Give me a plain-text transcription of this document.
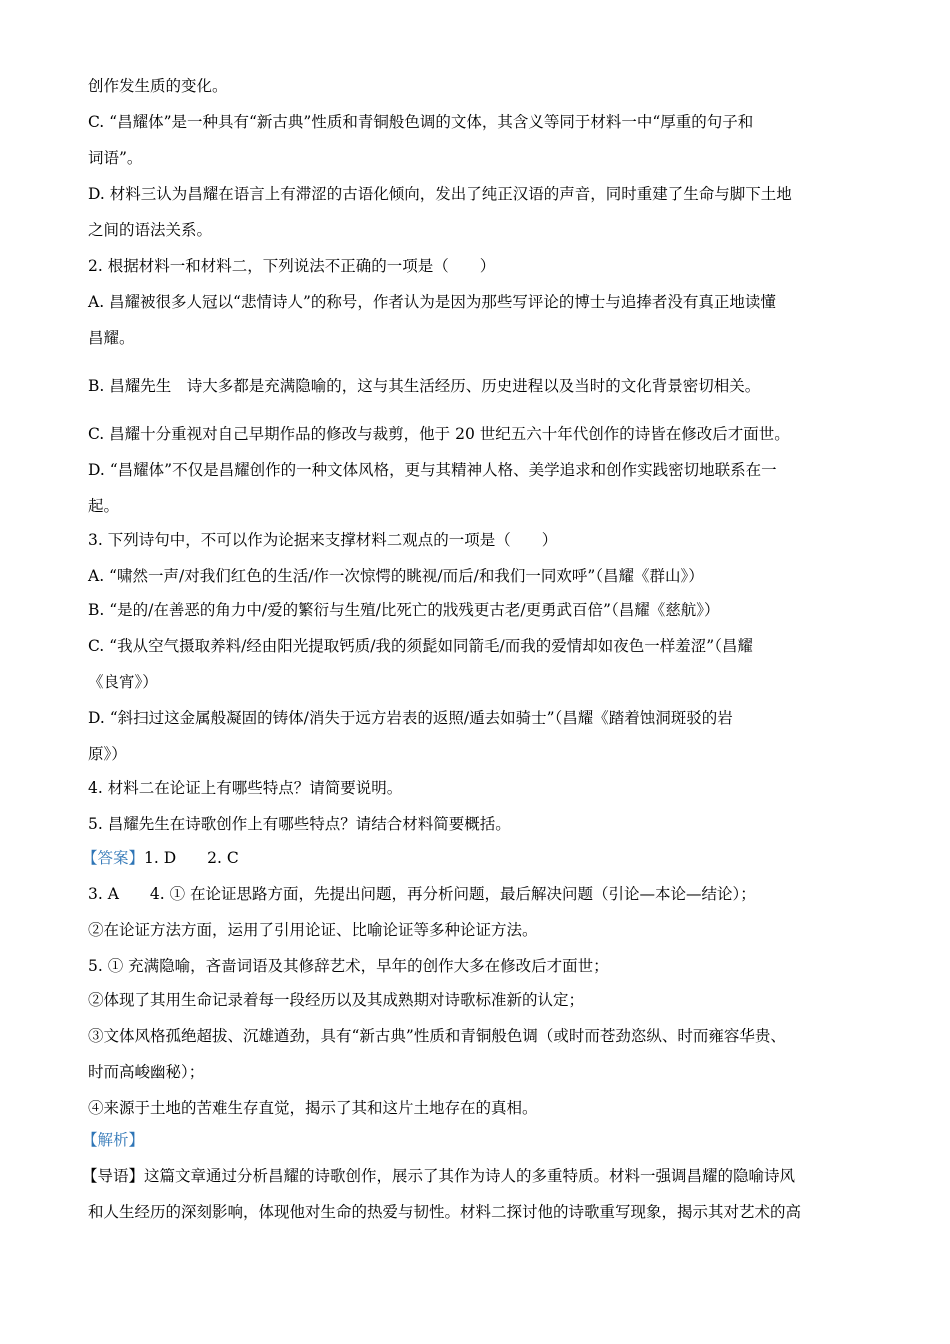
创作发生质的变化。
C. “昌耀体”是一种具有“新古典”性质和青铜般色调的文体，其含义等同于材料一中“厚重的句子和
词语”。
D. 材料三认为昌耀在语言上有滞涩的古语化倾向，发出了纯正汉语的声音，同时重建了生命与脚下土地
之间的语法关系。
2. 根据材料一和材料二，下列说法不正确的一项是（　　）
A. 昌耀被很多人冠以“悲情诗人”的称号，作者认为是因为那些写评论的博士与追捧者没有真正地读懂
昌耀。
B. 昌耀先生　诗大多都是充满隐喻的，这与其生活经历、历史进程以及当时的文化背景密切相关。
C. 昌耀十分重视对自己早期作品的修改与裁剪，他于 20 世纪五六十年代创作的诗皆在修改后才面世。
D. “昌耀体”不仅是昌耀创作的一种文体风格，更与其精神人格、美学追求和创作实践密切地联系在一
起。
3. 下列诗句中，不可以作为论据来支撑材料二观点的一项是（　　）
A. “啸然一声/对我们红色的生活/作一次惊愕的眺视/而后/和我们一同欢呼”（昌耀《群山》）
B. “是的/在善恶的角力中/爱的繁衍与生殖/比死亡的戕残更古老/更勇武百倍”（昌耀《慈航》）
C. “我从空气摄取养料/经由阳光提取钙质/我的须髭如同箭毛/而我的爱情却如夜色一样羞涩”（昌耀
《良宵》）
D. “斜扫过这金属般凝固的铸体/消失于远方岩表的返照/遁去如骑士”（昌耀《踏着蚀洞斑驳的岩
原》）
4. 材料二在论证上有哪些特点？请简要说明。
5. 昌耀先生在诗歌创作上有哪些特点？请结合材料简要概括。
【答案】1. D　　2. C
3. A　　4. ① 在论证思路方面，先提出问题，再分析问题，最后解决问题（引论—本论—结论）；
②在论证方法方面，运用了引用论证、比喻论证等多种论证方法。
5. ① 充满隐喻，吝啬词语及其修辞艺术，早年的创作大多在修改后才面世；
②体现了其用生命记录着每一段经历以及其成熟期对诗歌标准新的认定；
③文体风格孤绝超拔、沉雄遒劲，具有“新古典”性质和青铜般色调（或时而苍劲恣纵、时而雍容华贵、
时而高峻幽秘）；
④来源于土地的苦难生存直觉，揭示了其和这片土地存在的真相。
【解析】
【导语】这篇文章通过分析昌耀的诗歌创作，展示了其作为诗人的多重特质。材料一强调昌耀的隐喻诗风
和人生经历的深刻影响，体现他对生命的热爱与韧性。材料二探讨他的诗歌重写现象，揭示其对艺术的高
